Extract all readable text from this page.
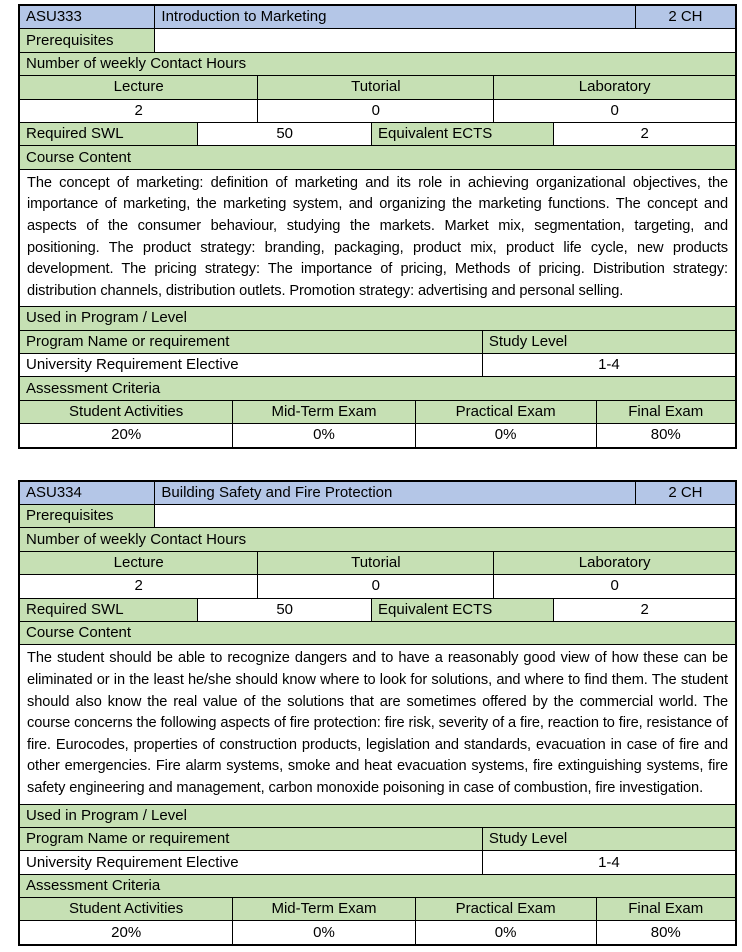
ASU333	Introduction to Marketing	2 CH
Prerequisites
Number of weekly Contact Hours
Lecture	Tutorial	Laboratory
2	0	0
Required SWL	50	Equivalent ECTS	2
Course Content
The concept of marketing: definition of marketing and its role in achieving organizational objectives, the importance of marketing, the marketing system, and organizing the marketing functions. The concept and aspects of the consumer behaviour, studying the markets. Market mix, segmentation, targeting, and positioning. The product strategy: branding, packaging, product mix, product life cycle, new products development. The pricing strategy: The importance of pricing, Methods of pricing. Distribution strategy: distribution channels, distribution outlets. Promotion strategy: advertising and personal selling.
Used in Program / Level
Program Name or requirement	Study Level
University Requirement Elective	1-4
Assessment Criteria
Student Activities	Mid-Term Exam	Practical Exam	Final Exam
20%	0%	0%	80%
ASU334	Building Safety and Fire Protection	2 CH
Prerequisites
Number of weekly Contact Hours
Lecture	Tutorial	Laboratory
2	0	0
Required SWL	50	Equivalent ECTS	2
Course Content
The student should be able to recognize dangers and to have a reasonably good view of how these can be eliminated or in the least he/she should know where to look for solutions, and where to find them. The student should also know the real value of the solutions that are sometimes offered by the commercial world. The course concerns the following aspects of fire protection: fire risk, severity of a fire, reaction to fire, resistance of fire. Eurocodes, properties of construction products, legislation and standards, evacuation in case of fire and other emergencies. Fire alarm systems, smoke and heat evacuation systems, fire extinguishing systems, fire safety engineering and management, carbon monoxide poisoning in case of combustion, fire investigation.
Used in Program / Level
Program Name or requirement	Study Level
University Requirement Elective	1-4
Assessment Criteria
Student Activities	Mid-Term Exam	Practical Exam	Final Exam
20%	0%	0%	80%
